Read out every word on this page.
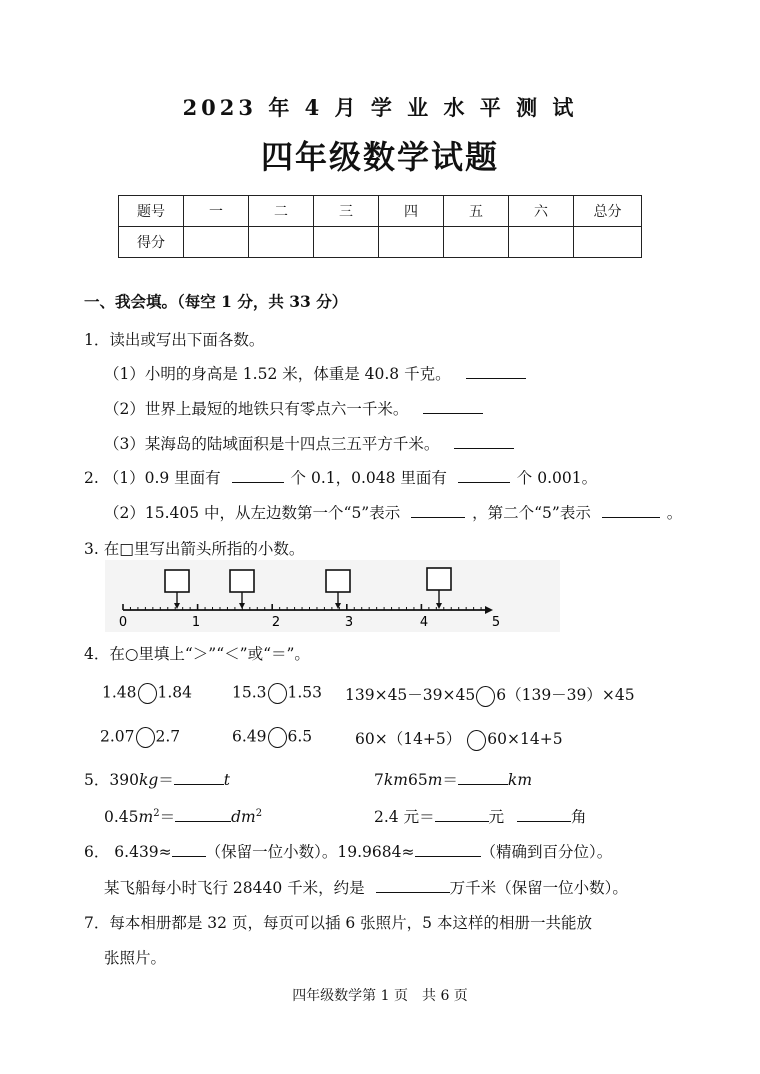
2023 年 4 月 学 业 水 平 测 试
四年级数学试题
题号	一	二	三	四	五	六	总分
得分							
一、我会填。（每空 1 分，共 33 分）
1．读出或写出下面各数。
（1）小明的身高是 1.52 米，体重是 40.8 千克。
（2）世界上最短的地铁只有零点六一千米。
（3）某海岛的陆域面积是十四点三五平方千米。
2. （1）0.9 里面有	个 0.1，0.048 里面有	个 0.001。
（2）15.405 中，从左边数第一个“5”表示	，第二个“5”表示	。
3. 在□里写出箭头所指的小数。
0	1	2	3	4	5
4．在○里填上“＞”“＜”或“＝”。
1.48 1.84	15.3 1.53 139×45－39×45 6（139－39）×45
2.07 2.7	6.49 6.5	60×（14+5） 60×14+5
5．390kg＝	t	7km65m＝	km
$0.45m^2=$	$dm^2$	2.4 元＝	元	角
6． 6.439≈ （保留一位小数）。19.9684≈	（精确到百分位）。
某飞船每小时飞行 28440 千米，约是	万千米（保留一位小数）。
7．每本相册都是 32 页，每页可以插 6 张照片，5 本这样的相册一共能放
张照片。
四年级数学第 1 页　共 6 页
